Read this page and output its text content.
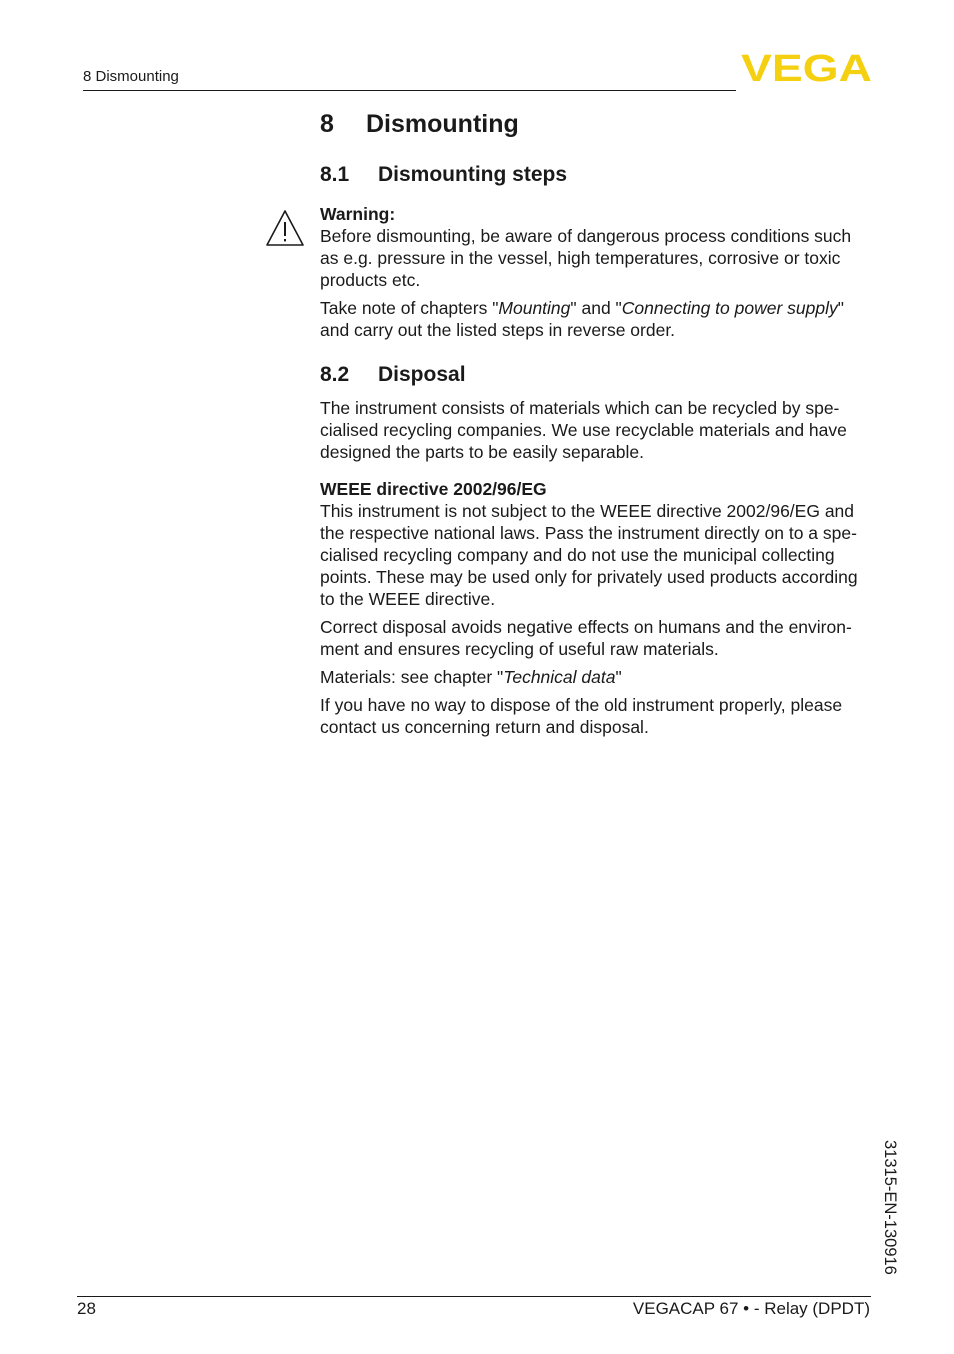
8 Dismounting	VEGA
8 Dismounting
8.1 Dismounting steps

Warning:

Before dismounting, be aware of dangerous process conditions such as e.g. pressure in the vessel, high temperatures, corrosive or toxic products etc.

Take note of chapters "Mounting" and "Connecting to power supply" and carry out the listed steps in reverse order.

8.2 Disposal

The instrument consists of materials which can be recycled by spe-cialised recycling companies. We use recyclable materials and have designed the parts to be easily separable.

WEEE directive 2002/96/EG

This instrument is not subject to the WEEE directive 2002/96/EG and the respective national laws. Pass the instrument directly on to a spe-cialised recycling company and do not use the municipal collecting points. These may be used only for privately used products according to the WEEE directive.

Correct disposal avoids negative effects on humans and the environ-ment and ensures recycling of useful raw materials.

Materials: see chapter "Technical data"

If you have no way to dispose of the old instrument properly, please contact us concerning return and disposal.

31315-EN-130916
28	VEGACAP 67 • - Relay (DPDT)
